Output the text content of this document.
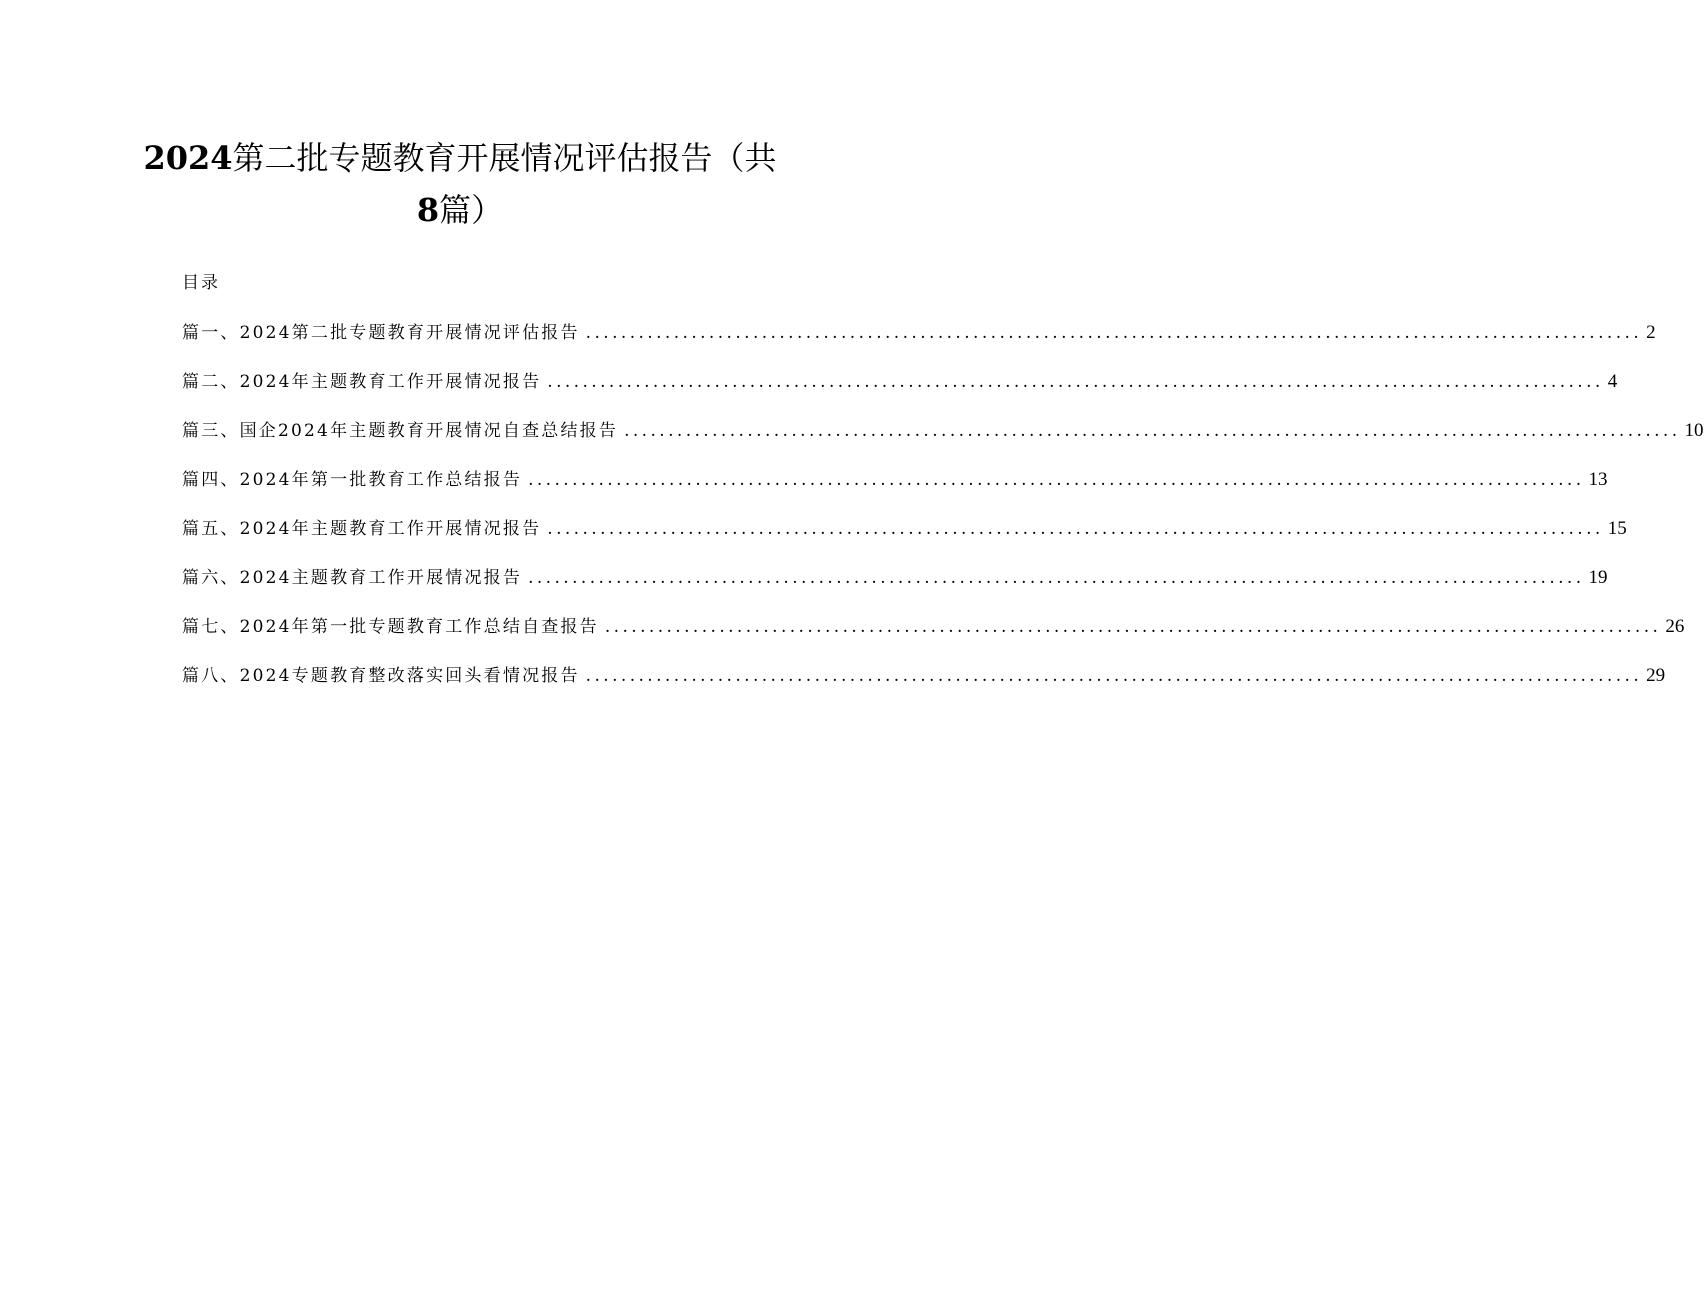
2024第二批专题教育开展情况评估报告（共
8篇）
目录
篇一、2024第二批专题教育开展情况评估报告 ........................................................................................................................ 2
篇二、2024年主题教育工作开展情况报告 ........................................................................................................................ 4
篇三、国企2024年主题教育开展情况自查总结报告 ........................................................................................................................ 10
篇四、2024年第一批教育工作总结报告 ........................................................................................................................ 13
篇五、2024年主题教育工作开展情况报告 ........................................................................................................................ 15
篇六、2024主题教育工作开展情况报告 ........................................................................................................................ 19
篇七、2024年第一批专题教育工作总结自查报告 ........................................................................................................................ 26
篇八、2024专题教育整改落实回头看情况报告 ........................................................................................................................ 29
